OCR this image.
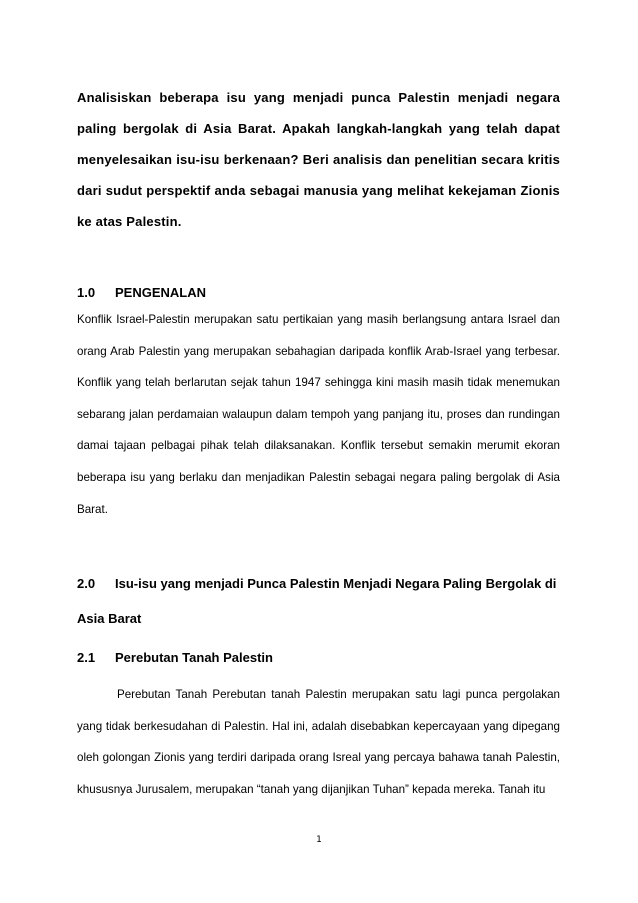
Analisiskan beberapa isu yang menjadi punca Palestin menjadi negara paling bergolak di Asia Barat. Apakah langkah-langkah yang telah dapat menyelesaikan isu-isu berkenaan? Beri analisis dan penelitian secara kritis dari sudut perspektif anda sebagai manusia yang melihat kekejaman Zionis ke atas Palestin.
1.0 PENGENALAN
Konflik Israel-Palestin merupakan satu pertikaian yang masih berlangsung antara Israel dan orang Arab Palestin yang merupakan sebahagian daripada konflik Arab-Israel yang terbesar. Konflik yang telah berlarutan sejak tahun 1947 sehingga kini masih masih tidak menemukan sebarang jalan perdamaian walaupun dalam tempoh yang panjang itu, proses dan rundingan damai tajaan pelbagai pihak telah dilaksanakan. Konflik tersebut semakin merumit ekoran beberapa isu yang berlaku dan menjadikan Palestin sebagai negara paling bergolak di Asia Barat.
2.0 Isu-isu yang menjadi Punca Palestin Menjadi Negara Paling Bergolak di Asia Barat
2.1 Perebutan Tanah Palestin
Perebutan Tanah Perebutan tanah Palestin merupakan satu lagi punca pergolakan yang tidak berkesudahan di Palestin. Hal ini, adalah disebabkan kepercayaan yang dipegang oleh golongan Zionis yang terdiri daripada orang Isreal yang percaya bahawa tanah Palestin, khususnya Jurusalem, merupakan “tanah yang dijanjikan Tuhan” kepada mereka. Tanah itu
1
